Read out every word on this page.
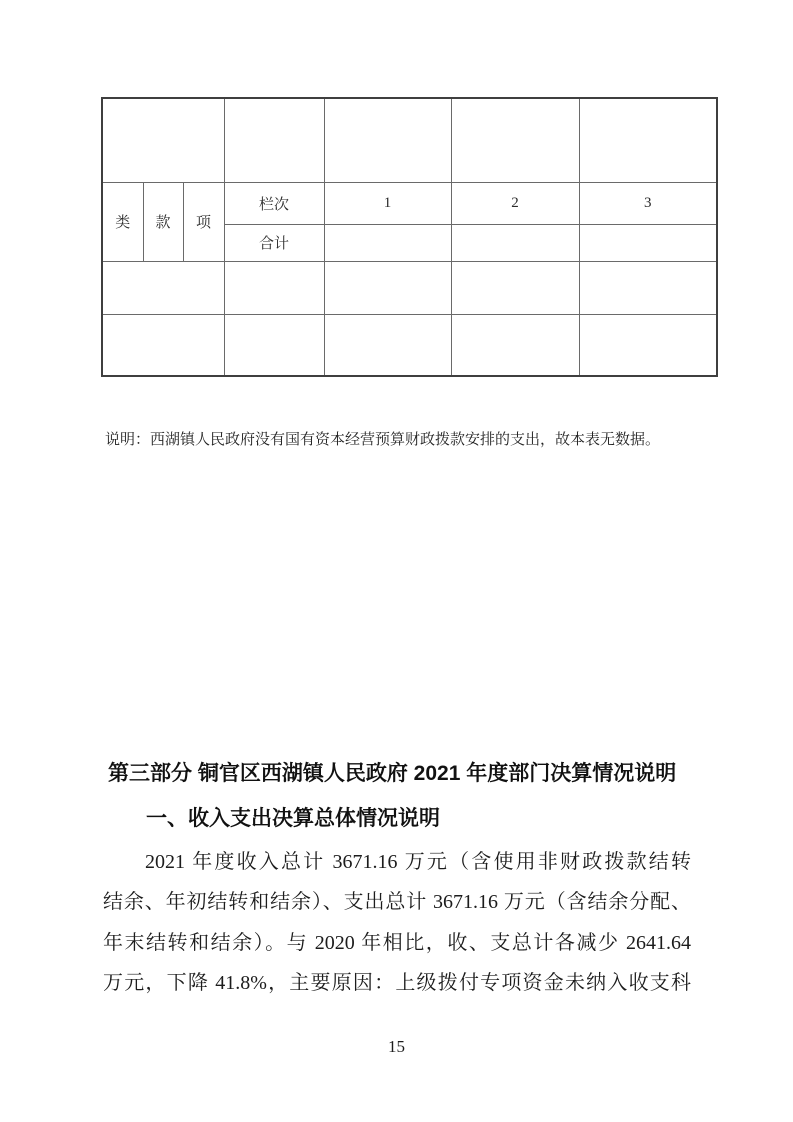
类	款	项	栏次	1	2	3
			合计			

说明：西湖镇人民政府没有国有资本经营预算财政拨款安排的支出，故本表无数据。
第三部分 铜官区西湖镇人民政府 2021 年度部门决算情况说明
一、收入支出决算总体情况说明
2021 年度收入总计 3671.16 万元（含使用非财政拨款结转
结余、年初结转和结余）、支出总计 3671.16 万元（含结余分配、
年末结转和结余）。与 2020 年相比，收、支总计各减少 2641.64
万元，下降 41.8%，主要原因：上级拨付专项资金未纳入收支科
15
